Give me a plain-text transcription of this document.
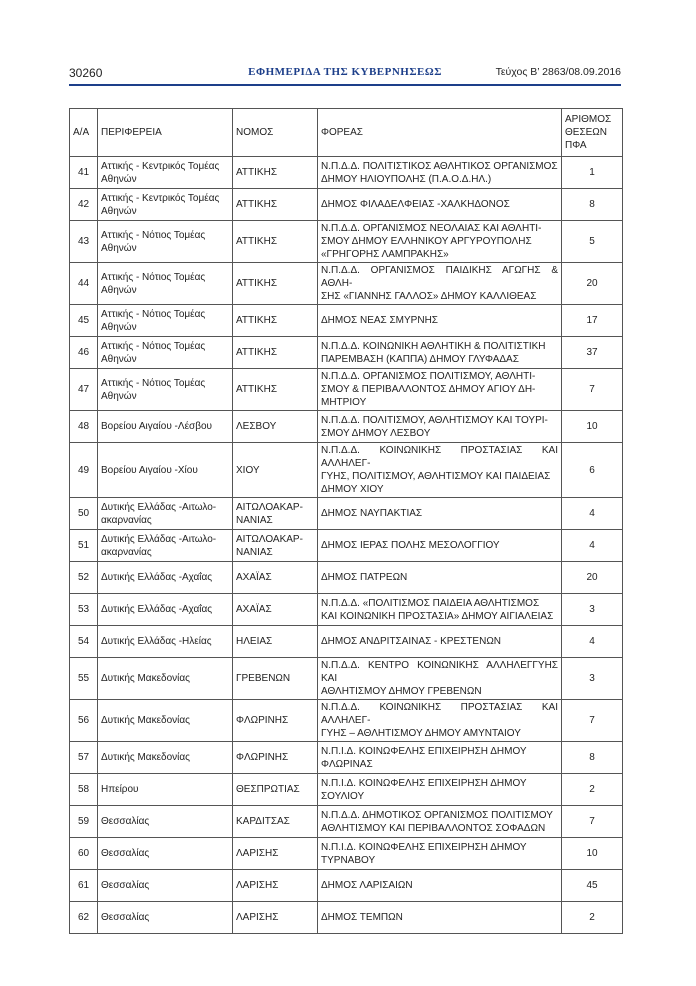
30260	ΕΦΗΜΕΡΙΔΑ ΤΗΣ ΚΥΒΕΡΝΗΣΕΩΣ	Τεύχος Β’ 2863/08.09.2016
Α/Α	ΠΕΡΙΦΕΡΕΙΑ	ΝΟΜΟΣ	ΦΟΡΕΑΣ	ΑΡΙΘΜΟΣ
ΘΕΣΕΩΝ
ΠΦΑ
41	Αττικής - Κεντρικός Τομέας
Αθηνών	ΑΤΤΙΚΗΣ	Ν.Π.Δ.Δ. ΠΟΛΙΤΙΣΤΙΚΟΣ ΑΘΛΗΤΙΚΟΣ ΟΡΓΑΝΙΣΜΟΣ
ΔΗΜΟΥ ΗΛΙΟΥΠΟΛΗΣ (Π.Α.Ο.Δ.ΗΛ.)	1
42	Αττικής - Κεντρικός Τομέας
Αθηνών	ΑΤΤΙΚΗΣ	ΔΗΜΟΣ ΦΙΛΑΔΕΛΦΕΙΑΣ -ΧΑΛΚΗΔΟΝΟΣ	8
43	Αττικής - Νότιος Τομέας
Αθηνών	ΑΤΤΙΚΗΣ	Ν.Π.Δ.Δ. ΟΡΓΑΝΙΣΜΟΣ ΝΕΟΛΑΙΑΣ ΚΑΙ ΑΘΛΗΤΙ-
ΣΜΟΥ ΔΗΜΟΥ ΕΛΛΗΝΙΚΟΥ ΑΡΓΥΡΟΥΠΟΛΗΣ
«ΓΡΗΓΟΡΗΣ ΛΑΜΠΡΑΚΗΣ»	5
44	Αττικής - Νότιος Τομέας
Αθηνών	ΑΤΤΙΚΗΣ	Ν.Π.Δ.Δ. ΟΡΓΑΝΙΣΜΟΣ ΠΑΙΔΙΚΗΣ ΑΓΩΓΗΣ & ΑΘΛΗ-
ΣΗΣ «ΓΙΑΝΝΗΣ ΓΑΛΛΟΣ» ΔΗΜΟΥ ΚΑΛΛΙΘΕΑΣ	20
45	Αττικής - Νότιος Τομέας
Αθηνών	ΑΤΤΙΚΗΣ	ΔΗΜΟΣ ΝΕΑΣ ΣΜΥΡΝΗΣ	17
46	Αττικής - Νότιος Τομέας
Αθηνών	ΑΤΤΙΚΗΣ	Ν.Π.Δ.Δ. ΚΟΙΝΩΝΙΚΗ ΑΘΛΗΤΙΚΗ & ΠΟΛΙΤΙΣΤΙΚΗ
ΠΑΡΕΜΒΑΣΗ (ΚΑΠΠΑ) ΔΗΜΟΥ ΓΛΥΦΑΔΑΣ	37
47	Αττικής - Νότιος Τομέας
Αθηνών	ΑΤΤΙΚΗΣ	Ν.Π.Δ.Δ. ΟΡΓΑΝΙΣΜΟΣ ΠΟΛΙΤΙΣΜΟΥ, ΑΘΛΗΤΙ-
ΣΜΟΥ & ΠΕΡΙΒΑΛΛΟΝΤΟΣ ΔΗΜΟΥ ΑΓΙΟΥ ΔΗ-
ΜΗΤΡΙΟΥ	7
48	Βορείου Αιγαίου -Λέσβου	ΛΕΣΒΟΥ	Ν.Π.Δ.Δ. ΠΟΛΙΤΙΣΜΟΥ, ΑΘΛΗΤΙΣΜΟΥ ΚΑΙ ΤΟΥΡΙ-
ΣΜΟΥ ΔΗΜΟΥ ΛΕΣΒΟΥ	10
49	Βορείου Αιγαίου -Χίου	ΧΙΟΥ	Ν.Π.Δ.Δ. ΚΟΙΝΩΝΙΚΗΣ ΠΡΟΣΤΑΣΙΑΣ ΚΑΙ ΑΛΛΗΛΕΓ-
ΓΥΗΣ, ΠΟΛΙΤΙΣΜΟΥ, ΑΘΛΗΤΙΣΜΟΥ ΚΑΙ ΠΑΙΔΕΙΑΣ
ΔΗΜΟΥ ΧΙΟΥ	6
50	Δυτικής Ελλάδας -Αιτωλο-
ακαρνανίας	ΑΙΤΩΛΟΑΚΑΡ-
ΝΑΝΙΑΣ	ΔΗΜΟΣ ΝΑΥΠΑΚΤΙΑΣ	4
51	Δυτικής Ελλάδας -Αιτωλο-
ακαρνανίας	ΑΙΤΩΛΟΑΚΑΡ-
ΝΑΝΙΑΣ	ΔΗΜΟΣ ΙΕΡΑΣ ΠΟΛΗΣ ΜΕΣΟΛΟΓΓΙΟΥ	4
52	Δυτικής Ελλάδας -Αχαΐας	ΑΧΑΪΑΣ	ΔΗΜΟΣ ΠΑΤΡΕΩΝ	20
53	Δυτικής Ελλάδας -Αχαΐας	ΑΧΑΪΑΣ	Ν.Π.Δ.Δ. «ΠΟΛΙΤΙΣΜΟΣ ΠΑΙΔΕΙΑ ΑΘΛΗΤΙΣΜΟΣ
ΚΑΙ ΚΟΙΝΩΝΙΚΗ ΠΡΟΣΤΑΣΙΑ» ΔΗΜΟΥ ΑΙΓΙΑΛΕΙΑΣ	3
54	Δυτικής Ελλάδας -Ηλείας	ΗΛΕΙΑΣ	ΔΗΜΟΣ ΑΝΔΡΙΤΣΑΙΝΑΣ - ΚΡΕΣΤΕΝΩΝ	4
55	Δυτικής Μακεδονίας	ΓΡΕΒΕΝΩΝ	Ν.Π.Δ.Δ. ΚΕΝΤΡΟ ΚΟΙΝΩΝΙΚΗΣ ΑΛΛΗΛΕΓΓΥΗΣ ΚΑΙ
ΑΘΛΗΤΙΣΜΟΥ ΔΗΜΟΥ ΓΡΕΒΕΝΩΝ	3
56	Δυτικής Μακεδονίας	ΦΛΩΡΙΝΗΣ	Ν.Π.Δ.Δ. ΚΟΙΝΩΝΙΚΗΣ ΠΡΟΣΤΑΣΙΑΣ ΚΑΙ ΑΛΛΗΛΕΓ-
ΓΥΗΣ – ΑΘΛΗΤΙΣΜΟΥ ΔΗΜΟΥ ΑΜΥΝΤΑΙΟΥ	7
57	Δυτικής Μακεδονίας	ΦΛΩΡΙΝΗΣ	Ν.Π.Ι.Δ. ΚΟΙΝΩΦΕΛΗΣ ΕΠΙΧΕΙΡΗΣΗ ΔΗΜΟΥ
ΦΛΩΡΙΝΑΣ	8
58	Ηπείρου	ΘΕΣΠΡΩΤΙΑΣ	Ν.Π.Ι.Δ. ΚΟΙΝΩΦΕΛΗΣ ΕΠΙΧΕΙΡΗΣΗ ΔΗΜΟΥ
ΣΟΥΛΙΟΥ	2
59	Θεσσαλίας	ΚΑΡΔΙΤΣΑΣ	Ν.Π.Δ.Δ. ΔΗΜΟΤΙΚΟΣ ΟΡΓΑΝΙΣΜΟΣ ΠΟΛΙΤΙΣΜΟΥ
ΑΘΛΗΤΙΣΜΟΥ ΚΑΙ ΠΕΡΙΒΑΛΛΟΝΤΟΣ ΣΟΦΑΔΩΝ	7
60	Θεσσαλίας	ΛΑΡΙΣΗΣ	Ν.Π.Ι.Δ. ΚΟΙΝΩΦΕΛΗΣ ΕΠΙΧΕΙΡΗΣΗ ΔΗΜΟΥ
ΤΥΡΝΑΒΟΥ	10
61	Θεσσαλίας	ΛΑΡΙΣΗΣ	ΔΗΜΟΣ ΛΑΡΙΣΑΙΩΝ	45
62	Θεσσαλίας	ΛΑΡΙΣΗΣ	ΔΗΜΟΣ ΤΕΜΠΩΝ	2
